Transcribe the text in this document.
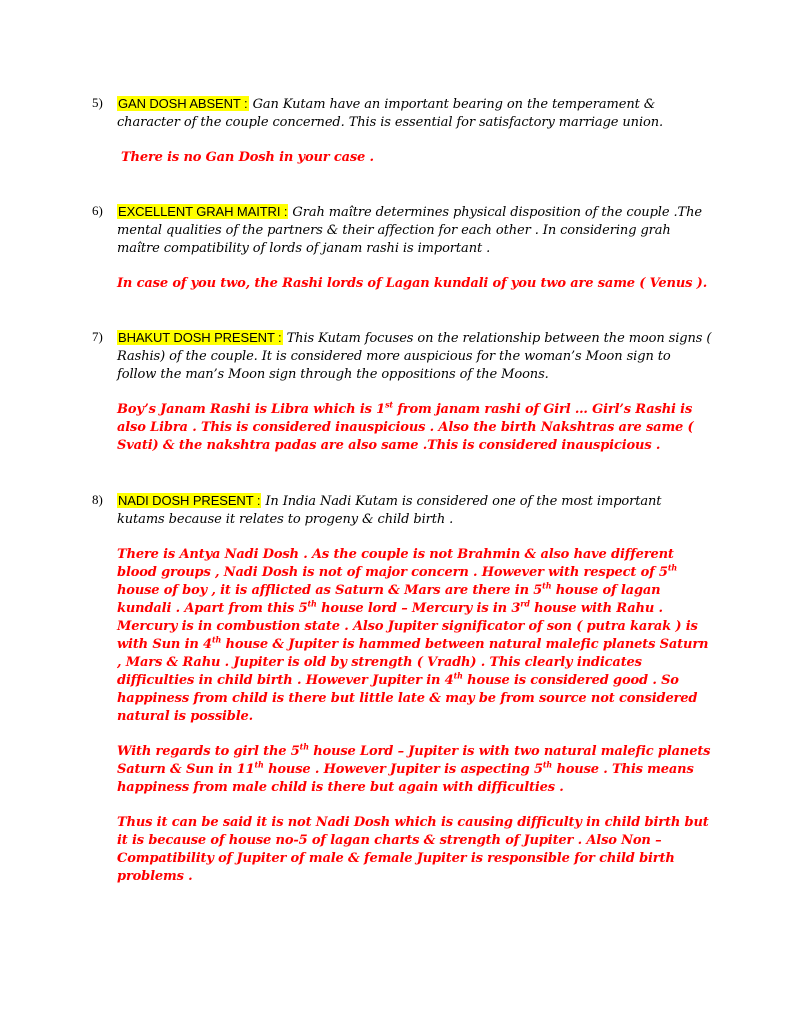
5) GAN DOSH ABSENT : Gan Kutam have an important bearing on the temperament & character of the couple concerned. This is essential for satisfactory marriage union.

There is no Gan Dosh in your case .

6) EXCELLENT GRAH MAITRI : Grah maître determines physical disposition of the couple .The mental qualities of the partners & their affection for each other . In considering grah maître compatibility of lords of janam rashi is important .

In case of you two, the Rashi lords of Lagan kundali of you two are same ( Venus ).

7) BHAKUT DOSH PRESENT : This Kutam focuses on the relationship between the moon signs ( Rashis) of the couple. It is considered more auspicious for the woman’s Moon sign to follow the man’s Moon sign through the oppositions of the Moons.

Boy’s Janam Rashi is Libra which is 1st from janam rashi of Girl … Girl’s Rashi is also Libra . This is considered inauspicious . Also the birth Nakshtras are same ( Svati) & the nakshtra padas are also same .This is considered inauspicious .

8) NADI DOSH PRESENT : In India Nadi Kutam is considered one of the most important kutams because it relates to progeny & child birth .

There is Antya Nadi Dosh . As the couple is not Brahmin & also have different blood groups , Nadi Dosh is not of major concern . However with respect of 5th house of boy , it is afflicted as Saturn & Mars are there in 5th house of lagan kundali . Apart from this 5th house lord – Mercury is in 3rd house with Rahu . Mercury is in combustion state . Also Jupiter significator of son ( putra karak ) is with Sun in 4th house & Jupiter is hammed between natural malefic planets Saturn , Mars & Rahu . Jupiter is old by strength ( Vradh) . This clearly indicates difficulties in child birth . However Jupiter in 4th house is considered good . So happiness from child is there but little late & may be from source not considered natural is possible.

With regards to girl the 5th house Lord – Jupiter is with two natural malefic planets Saturn & Sun in 11th house . However Jupiter is aspecting 5th house . This means happiness from male child is there but again with difficulties .

Thus it can be said it is not Nadi Dosh which is causing difficulty in child birth but it is because of house no-5 of lagan charts & strength of Jupiter . Also Non – Compatibility of Jupiter of male & female Jupiter is responsible for child birth problems .
